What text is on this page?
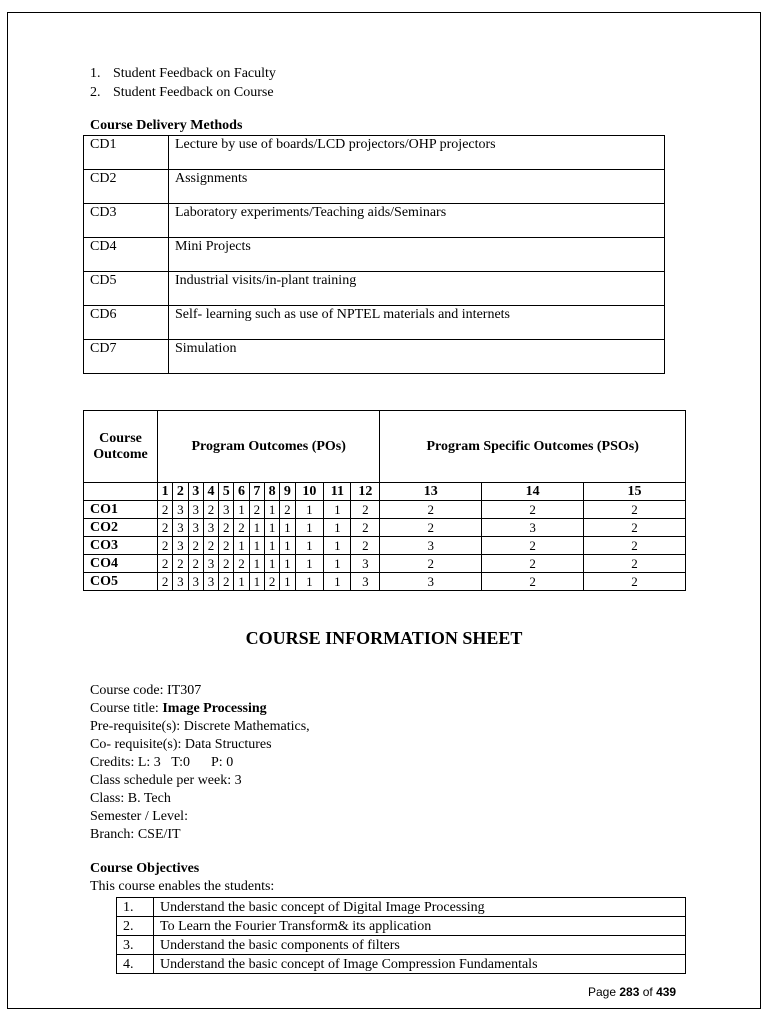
1. Student Feedback on Faculty
2. Student Feedback on Course
Course Delivery Methods
CD1	Lecture by use of boards/LCD projectors/OHP projectors
CD2	Assignments
CD3	Laboratory experiments/Teaching aids/Seminars
CD4	Mini Projects
CD5	Industrial visits/in-plant training
CD6	Self- learning such as use of NPTEL materials and internets
CD7	Simulation
Course Outcome	Program Outcomes (POs)												Program Specific Outcomes (PSOs)		
	1	2	3	4	5	6	7	8	9	10	11	12	13	14	15
CO1	2	3	3	2	3	1	2	1	2	1	1	2	2	2	2
CO2	2	3	3	3	2	2	1	1	1	1	1	2	2	3	2
CO3	2	3	2	2	2	1	1	1	1	1	1	2	3	2	2
CO4	2	2	2	3	2	2	1	1	1	1	1	3	2	2	2
CO5	2	3	3	3	2	1	1	2	1	1	1	3	3	2	2
COURSE INFORMATION SHEET
Course code: IT307
Course title: Image Processing
Pre-requisite(s): Discrete Mathematics,
Co- requisite(s): Data Structures
Credits: L: 3   T:0      P: 0
Class schedule per week: 3
Class: B. Tech
Semester / Level:
Branch: CSE/IT
Course Objectives
This course enables the students:
1.	Understand the basic concept of Digital Image Processing
2.	To Learn the Fourier Transform& its application
3.	Understand the basic components of filters
4.	Understand the basic concept of Image Compression Fundamentals
Page 283 of 439
